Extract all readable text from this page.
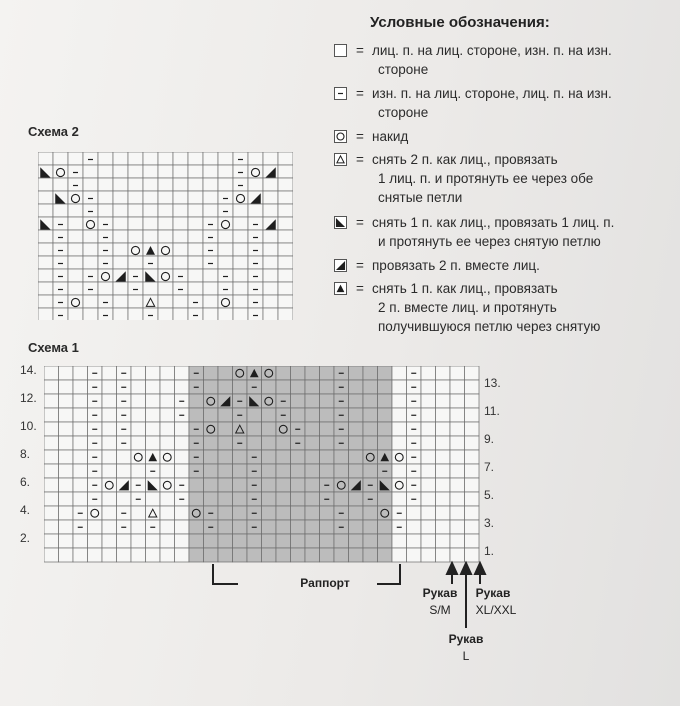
Условные обозначения:
= лиц. п. на лиц. стороне, изн. п. на изн.
стороне
= изн. п. на лиц. стороне, лиц. п. на изн.
стороне
= накид
= снять 2 п. как лиц., провязать
1 лиц. п. и протянуть ее через обе
снятые петли
= снять 1 п. как лиц., провязать 1 лиц. п.
и протянуть ее через снятую петлю
= провязать 2 п. вместе лиц.
= снять 1 п. как лиц., провязать
2 п. вместе лиц. и протянуть
получившуюся петлю через снятую
Схема 2
Схема 1
14.
12.
10.
8.
6.
4.
2.
13.
11.
9.
7.
5.
3.
1.
Раппорт
Рукав
S/M
Рукав
XL/XXL
Рукав
L
